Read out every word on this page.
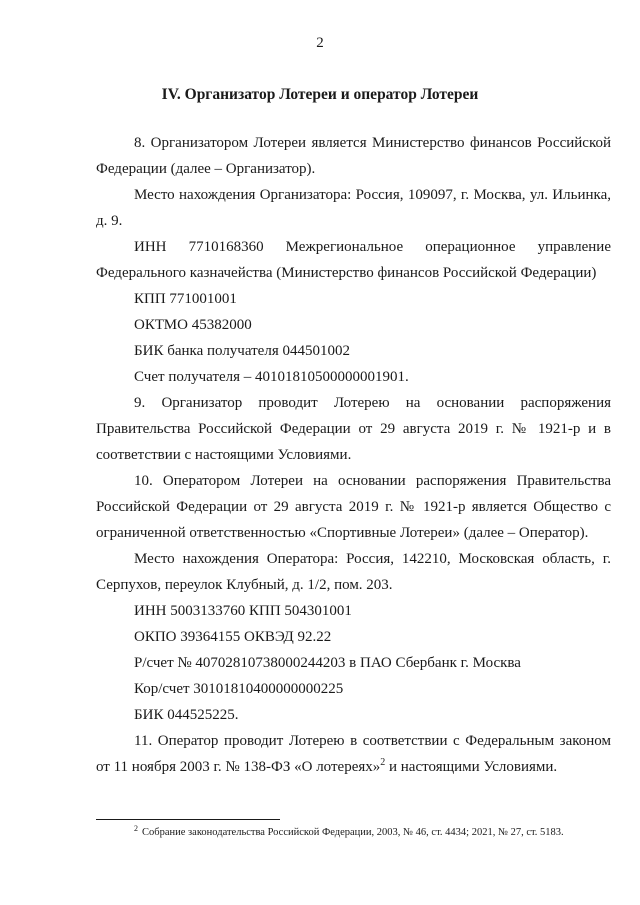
2
IV. Организатор Лотереи и оператор Лотереи

8. Организатором Лотереи является Министерство финансов Российской Федерации (далее – Организатор).

Место нахождения Организатора: Россия, 109097, г. Москва, ул. Ильинка, д. 9.

ИНН 7710168360 Межрегиональное операционное управление Федерального казначейства (Министерство финансов Российской Федерации)

КПП 771001001

ОКТМО 45382000

БИК банка получателя 044501002

Счет получателя – 40101810500000001901.

9. Организатор проводит Лотерею на основании распоряжения Правительства Российской Федерации от 29 августа 2019 г. № 1921-р и в соответствии с настоящими Условиями.

10. Оператором Лотереи на основании распоряжения Правительства Российской Федерации от 29 августа 2019 г. № 1921-р является Общество с ограниченной ответственностью «Спортивные Лотереи» (далее – Оператор).

Место нахождения Оператора: Россия, 142210, Московская область, г. Серпухов, переулок Клубный, д. 1/2, пом. 203.

ИНН 5003133760 КПП 504301001

ОКПО 39364155 ОКВЭД 92.22

Р/счет № 40702810738000244203 в ПАО Сбербанк г. Москва

Кор/счет 30101810400000000225

БИК 044525225.

11. Оператор проводит Лотерею в соответствии с Федеральным законом от 11 ноября 2003 г. № 138-ФЗ «О лотереях»$^2$ и настоящими Условиями.

$^2$ Собрание законодательства Российской Федерации, 2003, № 46, ст. 4434; 2021, № 27, ст. 5183.
